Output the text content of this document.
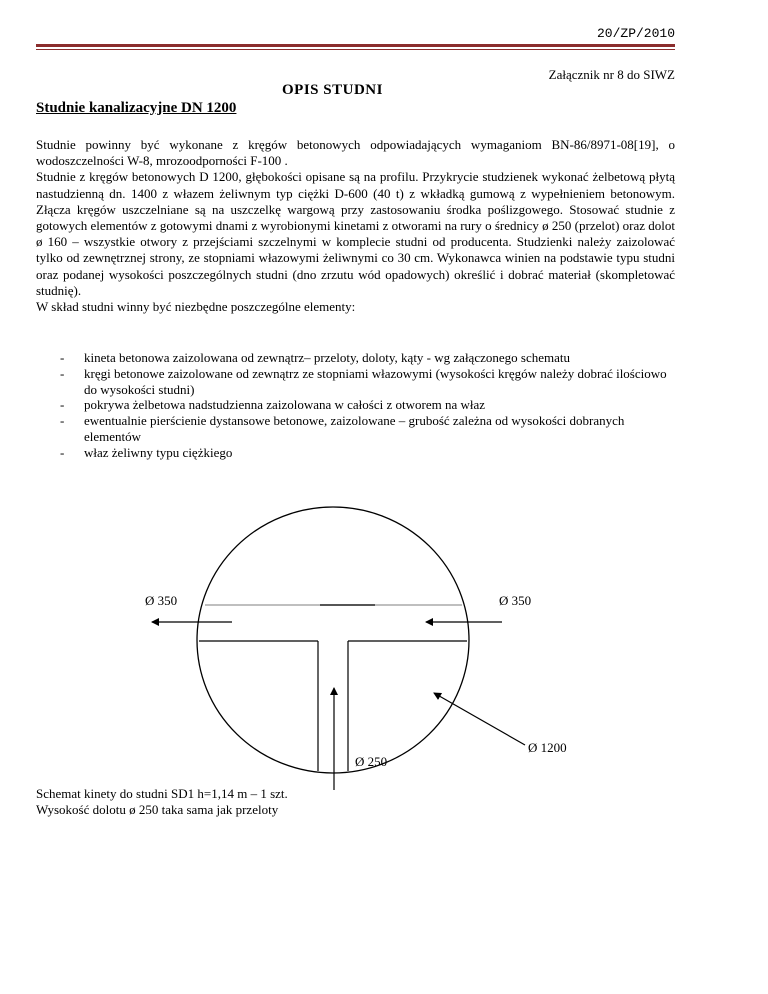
20/ZP/2010
Załącznik nr 8 do SIWZ
OPIS STUDNI
Studnie kanalizacyjne DN 1200

Studnie powinny być wykonane z kręgów betonowych odpowiadających wymaganiom BN-86/8971-08[19], o wodoszczelności W-8, mrozoodporności F-100 .

Studnie z kręgów betonowych D 1200, głębokości opisane są na profilu. Przykrycie studzienek wykonać żelbetową płytą nastudzienną dn. 1400 z włazem żeliwnym typ ciężki D-600 (40 t) z wkładką gumową z wypełnieniem betonowym. Złącza kręgów uszczelniane są na uszczelkę wargową przy zastosowaniu środka poślizgowego. Stosować studnie z gotowych elementów z gotowymi dnami z wyrobionymi kinetami z otworami na rury o średnicy ø 250 (przelot) oraz dolot ø 160 – wszystkie otwory z przejściami szczelnymi w komplecie studni od producenta. Studzienki należy zaizolować tylko od zewnętrznej strony, ze stopniami włazowymi żeliwnymi co 30 cm. Wykonawca winien na podstawie typu studni oraz podanej wysokości poszczególnych studni (dno zrzutu wód opadowych) określić i dobrać materiał (skompletować studnię).

W skład studni winny być niezbędne poszczególne elementy:

- kineta betonowa zaizolowana od zewnątrz– przeloty, doloty, kąty - wg załączonego schematu
- kręgi betonowe zaizolowane od zewnątrz ze stopniami włazowymi (wysokości kręgów należy dobrać ilościowo do wysokości studni)
- pokrywa żelbetowa nadstudzienna zaizolowana w całości z otworem na właz
- ewentualnie pierścienie dystansowe betonowe, zaizolowane – grubość zależna od wysokości dobranych elementów
- właz żeliwny typu ciężkiego
Ø 350	Ø 350
Ø 250
Ø 1200
Schemat kinety do studni SD1 h=1,14 m – 1 szt.
Wysokość dolotu ø 250 taka sama jak przeloty
